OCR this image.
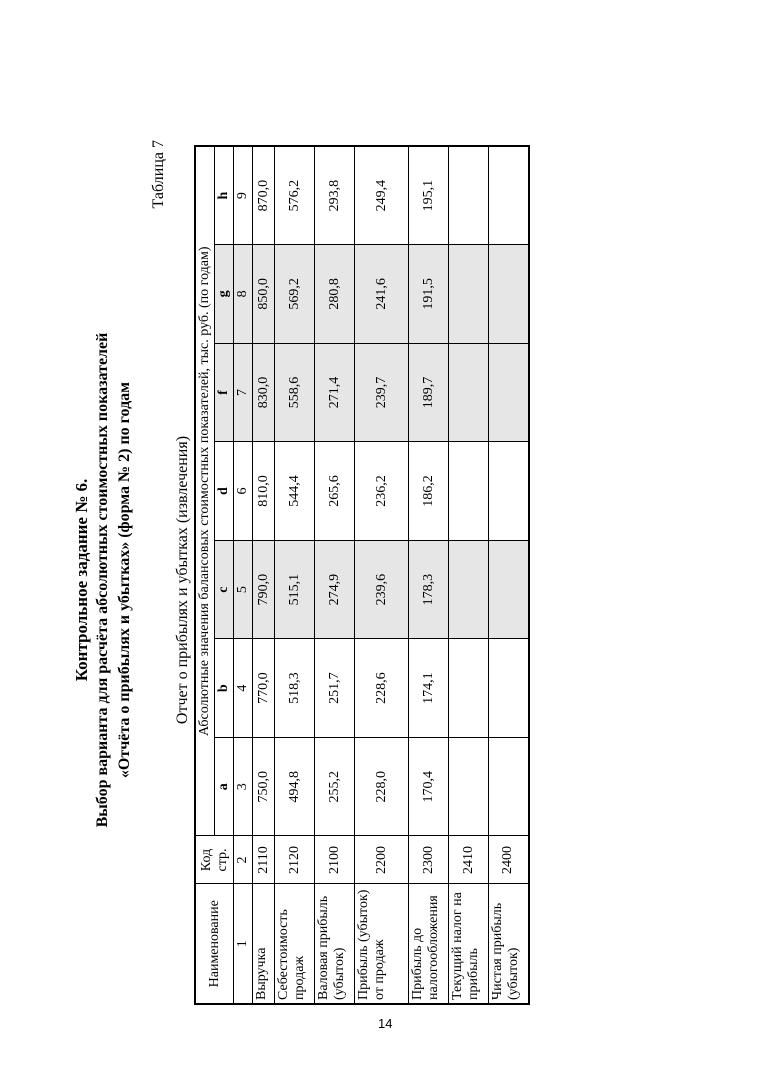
14
Контрольное задание № 6. Выбор варианта для расчёта абсолютных стоимостных показателей «Отчёта о прибылях и убытках» (форма № 2) по годам
Таблица 7
Отчет о прибылях и убытках (извлечения)
Наименование	Код стр.	Абсолютные значения балансовых стоимостных показателей, тыс. руб. (по годам)						
		a	b	c	d	f	g	h
1	2	3	4	5	6	7	8	9
Выручка	2110	750,0	770,0	790,0	810,0	830,0	850,0	870,0
Себестоимость продаж	2120	494,8	518,3	515,1	544,4	558,6	569,2	576,2
Валовая прибыль (убыток)	2100	255,2	251,7	274,9	265,6	271,4	280,8	293,8
Прибыль (убыток) от продаж	2200	228,0	228,6	239,6	236,2	239,7	241,6	249,4
Прибыль до налогообложения	2300	170,4	174,1	178,3	186,2	189,7	191,5	195,1
Текущий налог на прибыль	2410							
Чистая прибыль (убыток)	2400							
